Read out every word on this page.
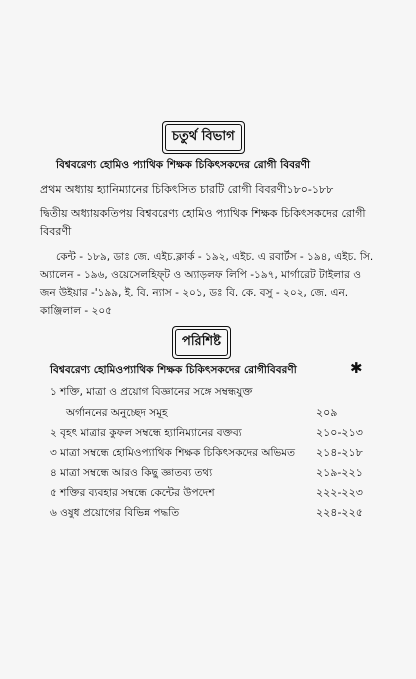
চতুর্থ বিভাগ
বিশ্ববরেণ্য হোমিও প্যাথিক শিক্ষক চিকিৎসকদের রোগী বিবরণী
প্রথম অধ্যায় হ্যানিম্যানের চিকিৎসিত চারটি রোগী বিবরণী১৮০-১৮৮
দ্বিতীয় অধ্যায়কতিপয় বিশ্ববরেণ্য হোমিও প্যাথিক শিক্ষক চিকিৎসকদের রোগী
বিবরণী
কেন্ট - ১৮৯, ডাঃ জে. এইচ.ক্লার্ক - ১৯২, এইচ. এ রবার্টস - ১৯৪, এইচ. সি.
অ্যালেন - ১৯৬, ওয়েসেলহিফ্‌ট ও অ্যাড়লফ লিপি -১৯৭, মার্গারেট টাইলার ও
জন উইয়ার -'১৯৯, ই. বি. ন্যাস - ২০১, ডঃ বি. কে. বসু - ২০২, জে. এন.
কাঞ্জিলাল - ২০৫
পরিশিষ্ট
বিশ্ববরেণ্য হোমিওপ্যাথিক শিক্ষক চিকিৎসকদের রোগীবিবরণী	✱
১ শক্তি, মাত্রা ও প্রয়োগ বিজ্ঞানের সঙ্গে সম্বন্ধযুক্ত
অর্গাননের অনুচ্ছেদ সমূহ	২০৯
২ বৃহৎ মাত্রার কুফল সম্বন্ধে হ্যানিম্যানের বক্তব্য	২১০-২১৩
৩ মাত্রা সম্বন্ধে হোমিওপ্যাথিক শিক্ষক চিকিৎসকদের অভিমত ২১৪-২১৮
৪ মাত্রা সম্বন্ধে আরও কিছু জ্ঞাতব্য তথ্য	২১৯-২২১
৫ শক্তির ব্যবহার সম্বন্ধে কেন্টের উপদেশ	২২২-২২৩
৬ ওষুধ প্রয়োগের বিভিন্ন পদ্ধতি	২২৪-২২৫
